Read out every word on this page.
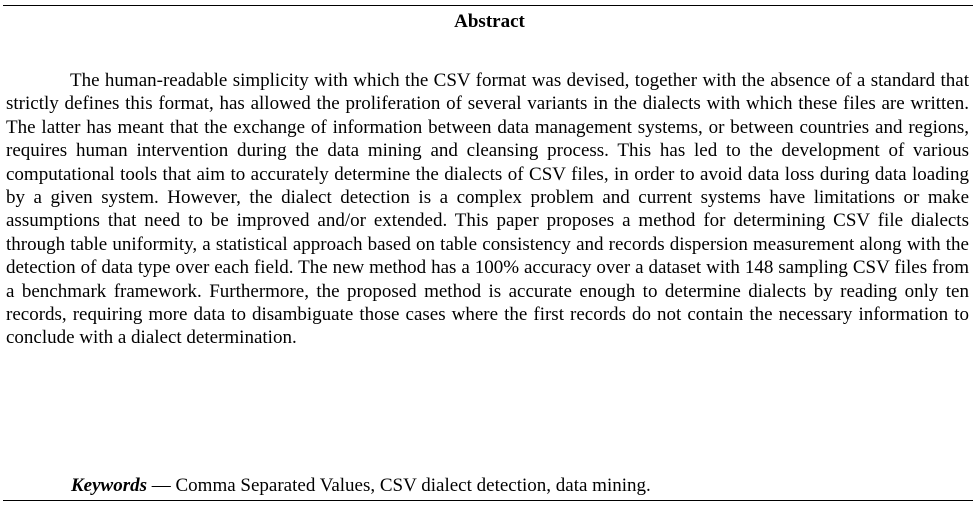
Abstract

The human-readable simplicity with which the CSV format was devised, together with the absence of a standard that strictly defines this format, has allowed the proliferation of several variants in the dialects with which these files are written. The latter has meant that the exchange of information between data management systems, or between countries and regions, requires human intervention during the data mining and cleansing process. This has led to the development of various computational tools that aim to accurately determine the dialects of CSV files, in order to avoid data loss during data loading by a given system. However, the dialect detection is a complex problem and current systems have limitations or make assumptions that need to be improved and/or extended. This paper proposes a method for determining CSV file dialects through table uniformity, a statistical approach based on table consistency and records dispersion measurement along with the detection of data type over each field. The new method has a 100% accuracy over a dataset with 148 sampling CSV files from a benchmark framework. Furthermore, the proposed method is accurate enough to determine dialects by reading only ten records, requiring more data to disambiguate those cases where the first records do not contain the necessary information to conclude with a dialect determination.

Keywords — Comma Separated Values, CSV dialect detection, data mining.
